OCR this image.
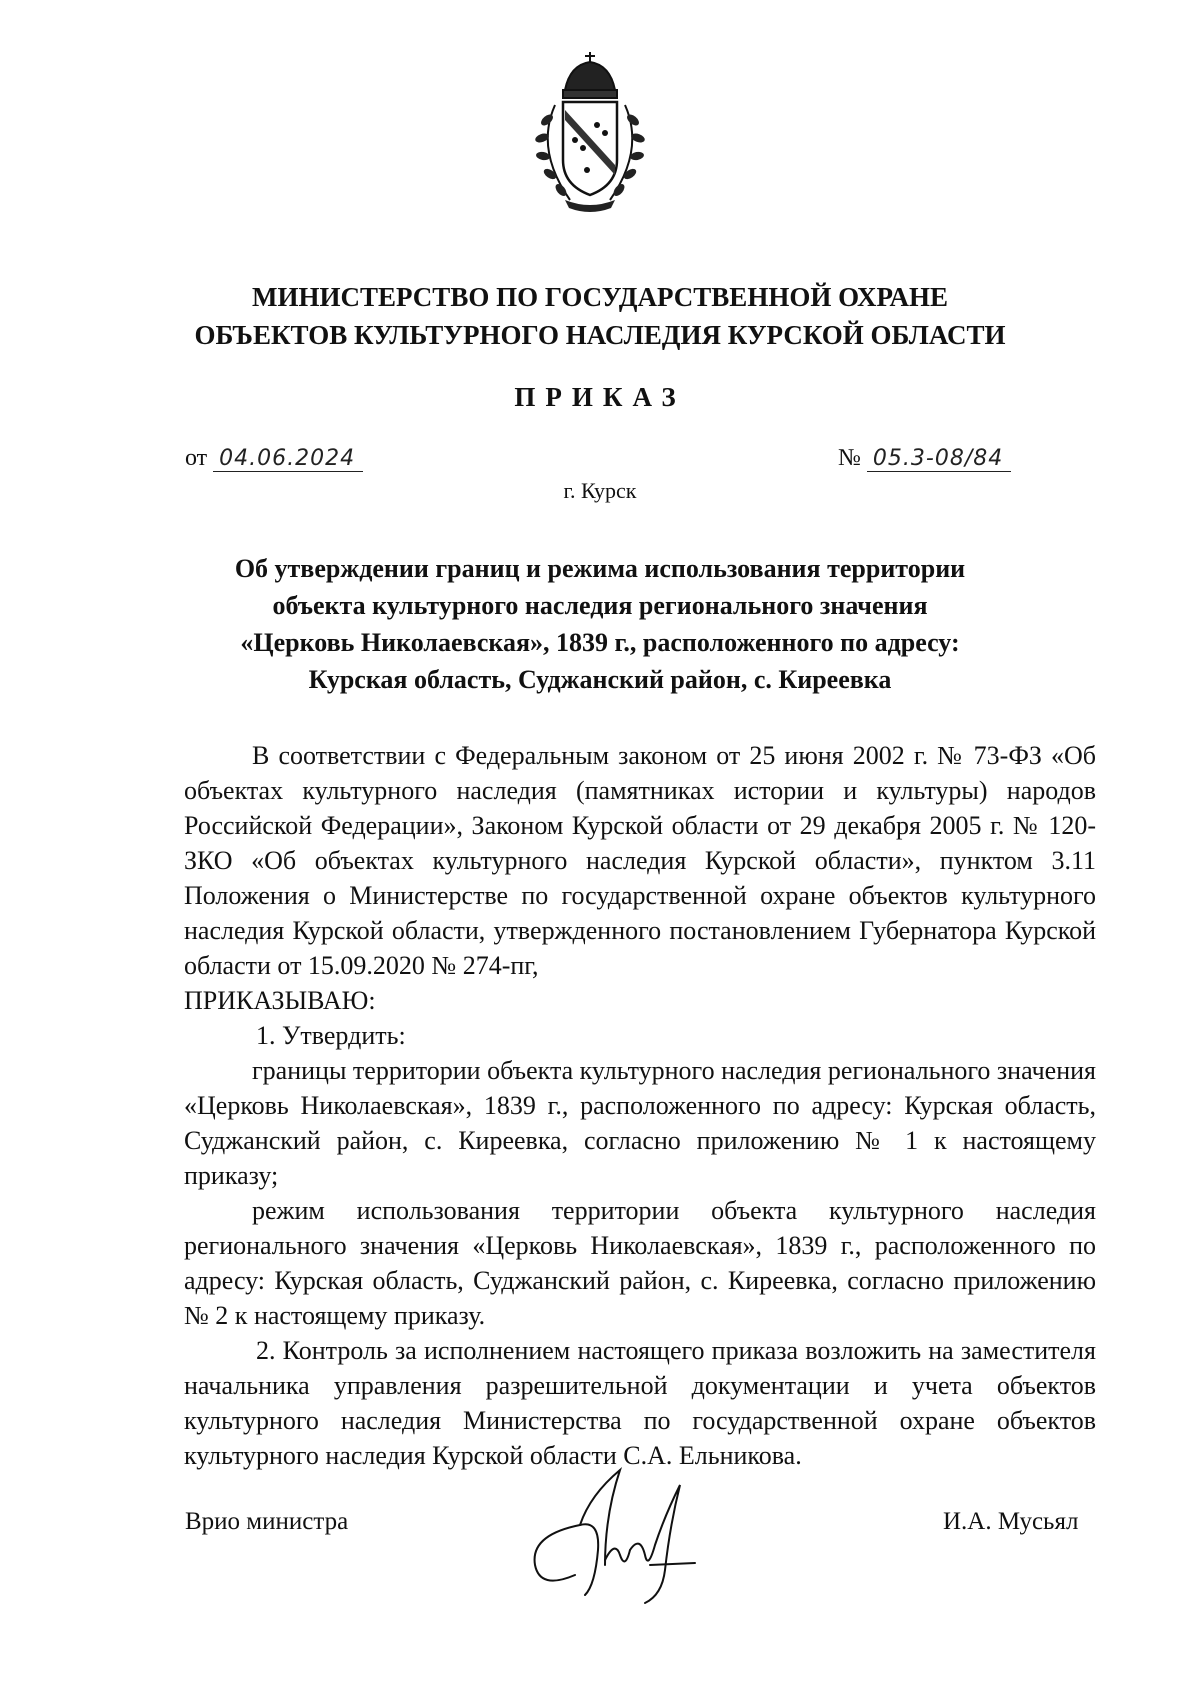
МИНИСТЕРСТВО ПО ГОСУДАРСТВЕННОЙ ОХРАНЕ
ОБЪЕКТОВ КУЛЬТУРНОГО НАСЛЕДИЯ КУРСКОЙ ОБЛАСТИ
ПРИКАЗ
от 04.06.2024	№ 05.3-08/84
г. Курск
Об утверждении границ и режима использования территории
объекта культурного наследия регионального значения
«Церковь Николаевская», 1839 г., расположенного по адресу:
Курская область, Суджанский район, с. Киреевка

В соответствии с Федеральным законом от 25 июня 2002 г. № 73-ФЗ «Об объектах культурного наследия (памятниках истории и культуры) народов Российской Федерации», Законом Курской области от 29 декабря 2005 г. № 120-ЗКО «Об объектах культурного наследия Курской области», пунктом 3.11 Положения о Министерстве по государственной охране объектов культурного наследия Курской области, утвержденного постановлением Губернатора Курской области от 15.09.2020 № 274-пг,

ПРИКАЗЫВАЮ:

1. Утвердить:

границы территории объекта культурного наследия регионального значения «Церковь Николаевская», 1839 г., расположенного по адресу: Курская область, Суджанский район, с. Киреевка, согласно приложению № 1 к настоящему приказу;

режим использования территории объекта культурного наследия регионального значения «Церковь Николаевская», 1839 г., расположенного по адресу: Курская область, Суджанский район, с. Киреевка, согласно приложению № 2 к настоящему приказу.

2. Контроль за исполнением настоящего приказа возложить на заместителя начальника управления разрешительной документации и учета объектов культурного наследия Министерства по государственной охране объектов культурного наследия Курской области С.А. Ельникова.

Врио министра	И.А. Мусьял
